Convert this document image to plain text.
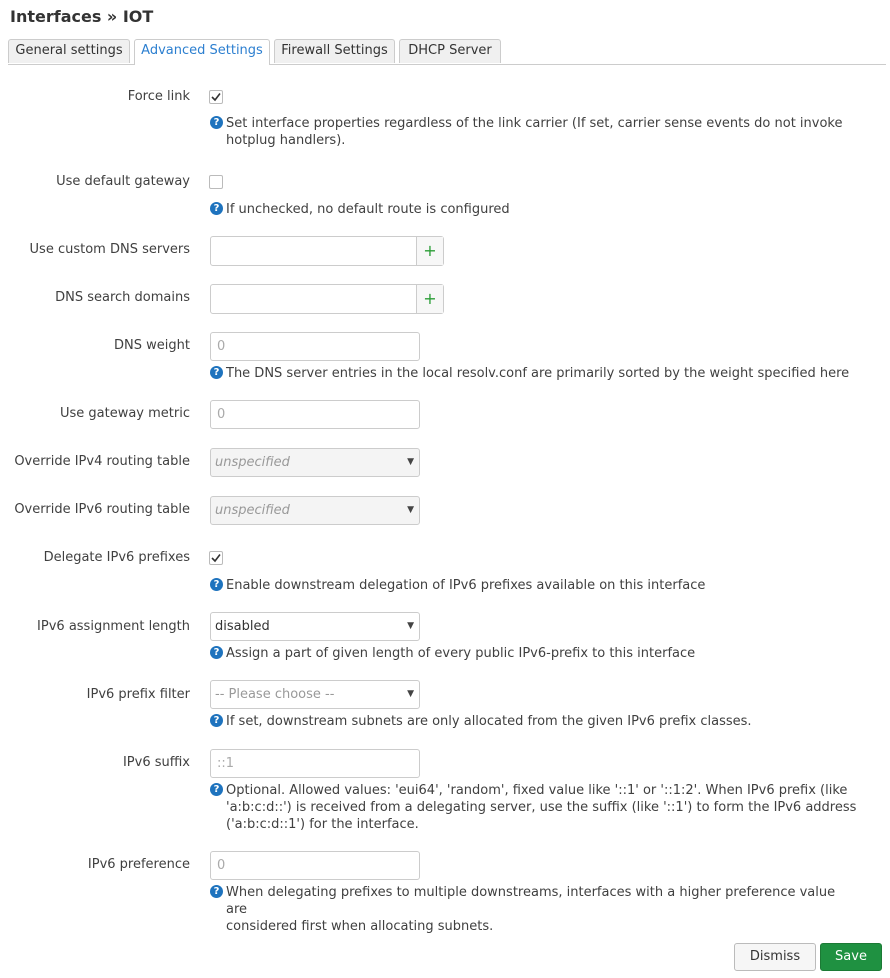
Interfaces » IOT
General settings	Advanced Settings	Firewall Settings	DHCP Server
Force link
? Set interface properties regardless of the link carrier (If set, carrier sense events do not invoke
hotplug handlers).
Use default gateway
? If unchecked, no default route is configured
Use custom DNS servers	+
DNS search domains	+
DNS weight	0
? The DNS server entries in the local resolv.conf are primarily sorted by the weight specified here
Use gateway metric	0
Override IPv4 routing table	unspecified	▼
Override IPv6 routing table	unspecified	▼
Delegate IPv6 prefixes
? Enable downstream delegation of IPv6 prefixes available on this interface
IPv6 assignment length	disabled	▼
? Assign a part of given length of every public IPv6-prefix to this interface
IPv6 prefix filter	-- Please choose --	▼
? If set, downstream subnets are only allocated from the given IPv6 prefix classes.
IPv6 suffix	::1
? Optional. Allowed values: 'eui64', 'random', fixed value like '::1' or '::1:2'. When IPv6 prefix (like
'a:b:c:d::') is received from a delegating server, use the suffix (like '::1') to form the IPv6 address
('a:b:c:d::1') for the interface.
IPv6 preference	0
? When delegating prefixes to multiple downstreams, interfaces with a higher preference value are
considered first when allocating subnets.
Dismiss	Save
